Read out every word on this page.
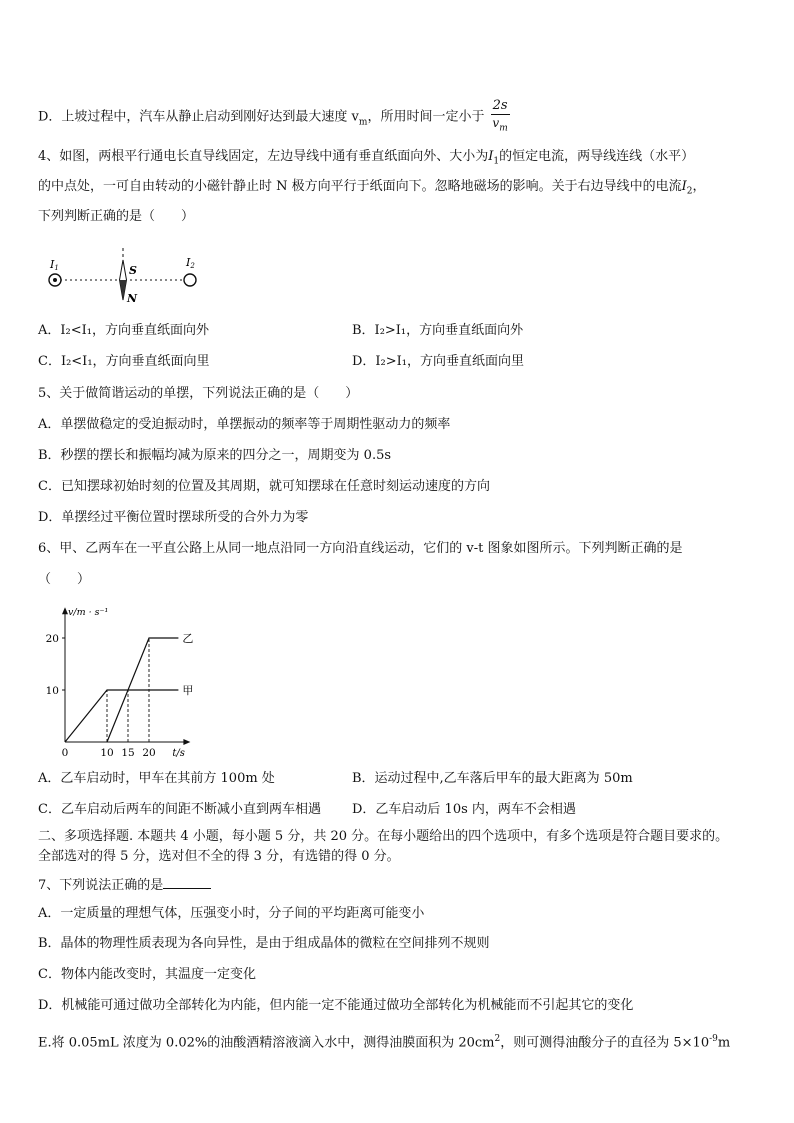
D．上坡过程中，汽车从静止启动到刚好达到最大速度 $v_m$，所用时间一定小于 $\frac{2s}{v_m}$
4、如图，两根平行通电长直导线固定，左边导线中通有垂直纸面向外、大小为$I_1$的恒定电流，两导线连线（水平）
的中点处，一可自由转动的小磁针静止时 N 极方向平行于纸面向下。忽略地磁场的影响。关于右边导线中的电流$I_2$，
下列判断正确的是（　　）
I1	I2
S
N
A．I₂<I₁，方向垂直纸面向外	B．I₂>I₁，方向垂直纸面向外
C．I₂<I₁，方向垂直纸面向里	D．I₂>I₁，方向垂直纸面向里
5、关于做简谐运动的单摆，下列说法正确的是（　　）
A．单摆做稳定的受迫振动时，单摆振动的频率等于周期性驱动力的频率
B．秒摆的摆长和振幅均减为原来的四分之一，周期变为 0.5s
C．已知摆球初始时刻的位置及其周期，就可知摆球在任意时刻运动速度的方向
D．单摆经过平衡位置时摆球所受的合外力为零
6、甲、乙两车在一平直公路上从同一地点沿同一方向沿直线运动，它们的 v-t 图象如图所示。下列判断正确的是
（　　）
v/m · s⁻¹
t/s
10
20
0	10 15 20
甲
乙
A．乙车启动时，甲车在其前方 100m 处	B．运动过程中,乙车落后甲车的最大距离为 50m
C．乙车启动后两车的间距不断减小直到两车相遇 D．乙车启动后 10s 内，两车不会相遇
二、多项选择题. 本题共 4 小题，每小题 5 分，共 20 分。在每小题给出的四个选项中，有多个选项是符合题目要求的。
全部选对的得 5 分，选对但不全的得 3 分，有选错的得 0 分。
7、下列说法正确的是
A．一定质量的理想气体，压强变小时，分子间的平均距离可能变小
B．晶体的物理性质表现为各向异性，是由于组成晶体的微粒在空间排列不规则
C．物体内能改变时，其温度一定变化
D．机械能可通过做功全部转化为内能，但内能一定不能通过做功全部转化为机械能而不引起其它的变化
E.将 0.05mL 浓度为 0.02%的油酸酒精溶液滴入水中，测得油膜面积为 $20cm^2$，则可测得油酸分子的直径为 $5\times 10^{-9}m$
